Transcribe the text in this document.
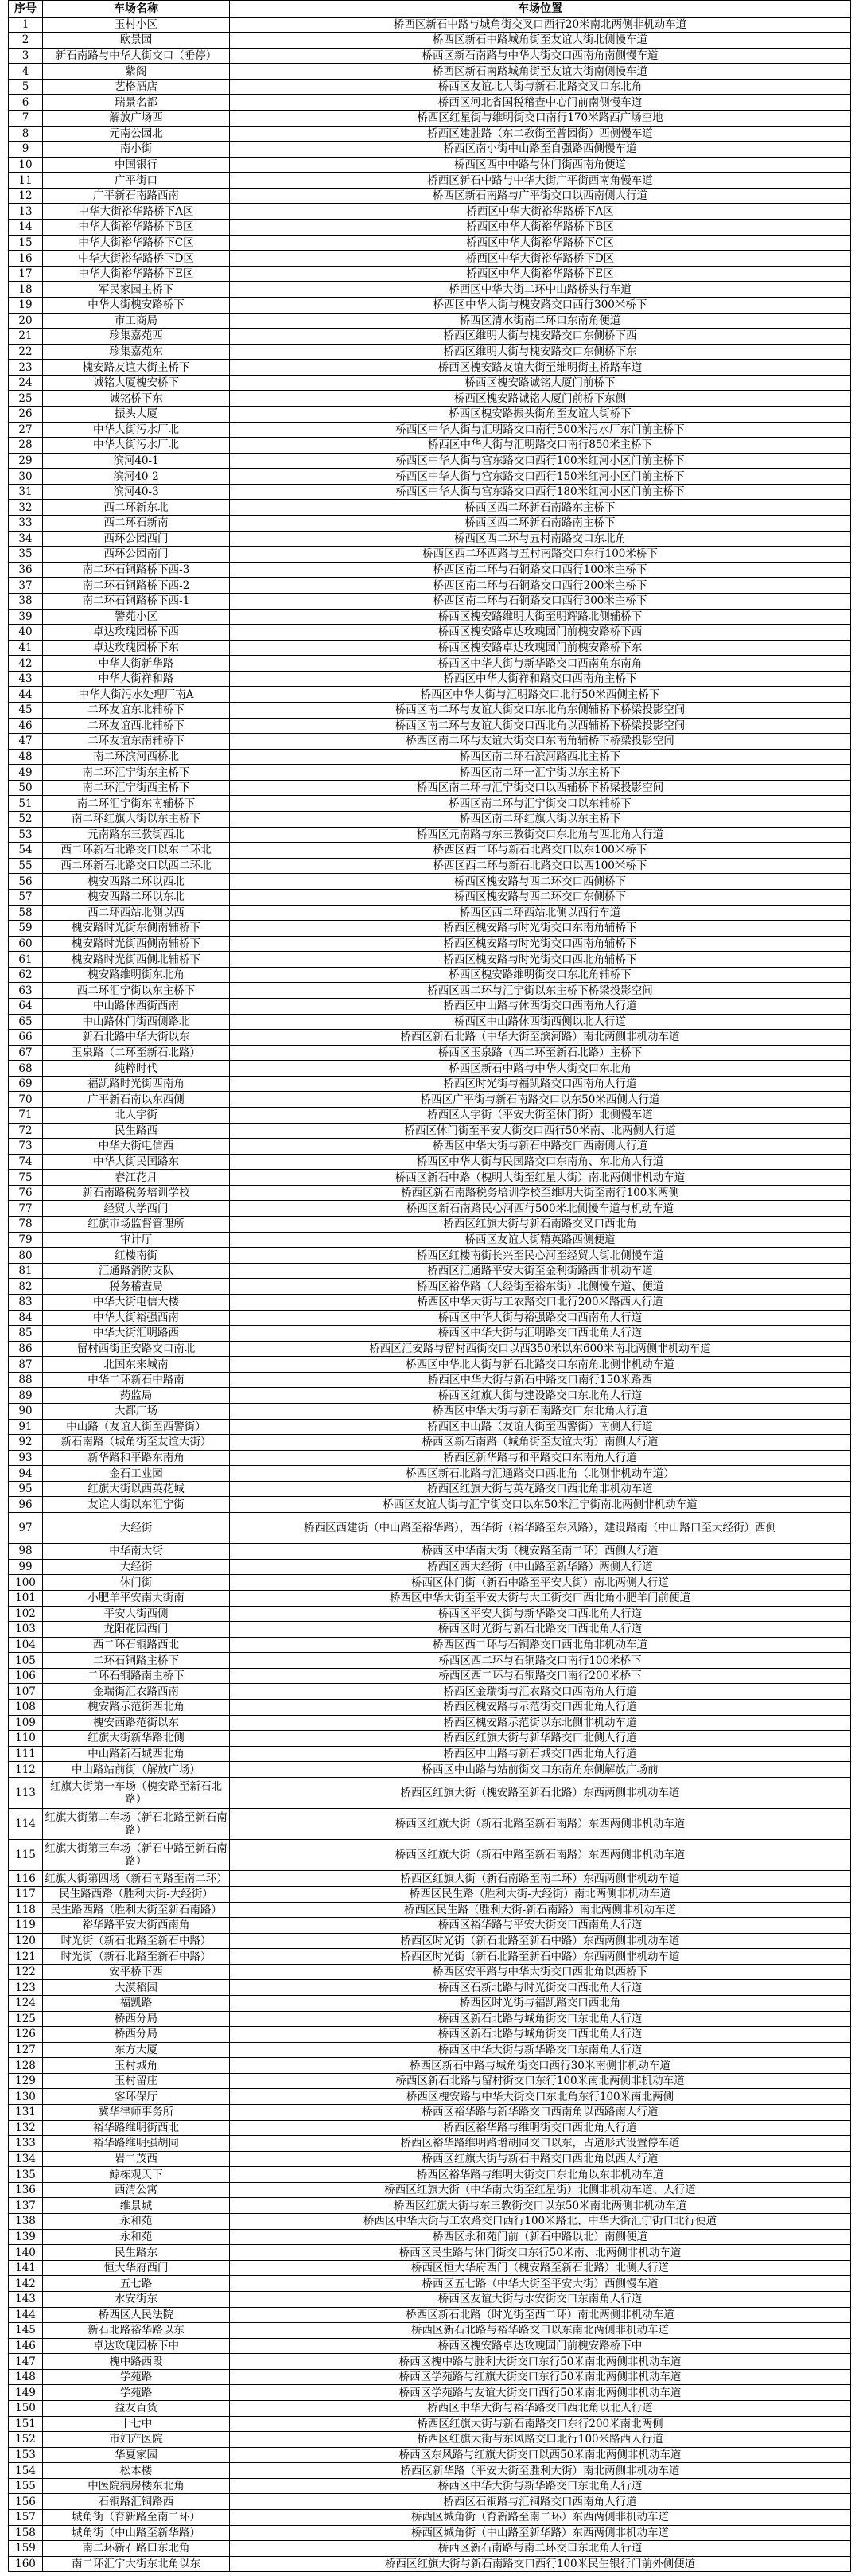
序号	车场名称	车场位置
1	玉村小区	桥西区新石中路与城角街交叉口西行20米南北两侧非机动车道
2	欧景园	桥西区新石中路城角街至友谊大街北侧慢车道
3	新石南路与中华大街交口（垂停）	桥西区新石南路与中华大街交口西南角南侧慢车道
4	紫阁	桥西区新石南路城角街至友谊大街南侧慢车道
5	艺格酒店	桥西区友谊北大街与新石北路交叉口东北角
6	瑞景名都	桥西区河北省国税稽查中心门前南侧慢车道
7	解放广场西	桥西区红星街与维明街交口南行170米路西广场空地
8	元南公园北	桥西区建胜路（东二教街至普园街）西侧慢车道
9	南小街	桥西区南小街中山路至自强路西侧慢车道
10	中国银行	桥西区西中中路与休门街西南角便道
11	广平街口	桥西区新石中路与中华大街广平街西南角慢车道
12	广平新石南路西南	桥西区新石南路与广平街交口以西南侧人行道
13	中华大街裕华路桥下A区	桥西区中华大街裕华路桥下A区
14	中华大街裕华路桥下B区	桥西区中华大街裕华路桥下B区
15	中华大街裕华路桥下C区	桥西区中华大街裕华路桥下C区
16	中华大街裕华路桥下D区	桥西区中华大街裕华路桥下D区
17	中华大街裕华路桥下E区	桥西区中华大街裕华路桥下E区
18	军民家园主桥下	桥西区中华大街二环中山路桥头行车道
19	中华大街槐安路桥下	桥西区中华大街与槐安路交口西行300米桥下
20	市工商局	桥西区清水街南二环口东南角便道
21	珍集嘉苑西	桥西区维明大街与槐安路交口东侧桥下西
22	珍集嘉苑东	桥西区维明大街与槐安路交口东侧桥下东
23	槐安路友谊大街主桥下	桥西区槐安路友谊大街至维明街主桥路车道
24	诚铭大厦槐安桥下	桥西区槐安路诚铭大厦门前桥下
25	诚铭桥下东	桥西区槐安路诚铭大厦门前桥下东侧
26	振头大厦	桥西区槐安路振头街角至友谊大街桥下
27	中华大街污水厂北	桥西区中华大街与汇明路交口南行500米污水厂东门前主桥下
28	中华大街污水厂北	桥西区中华大街与汇明路交口南行850米主桥下
29	滨河40-1	桥西区中华大街与宫东路交口西行100米红河小区门前主桥下
30	滨河40-2	桥西区中华大街与宫东路交口西行150米红河小区门前主桥下
31	滨河40-3	桥西区中华大街与宫东路交口西行180米红河小区门前主桥下
32	西二环新东北	桥西区西二环新石南路东主桥下
33	西二环石新南	桥西区西二环新石南路南主桥下
34	西环公园西门	桥西区西二环与五村南路交口东北角
35	西环公园南门	桥西区西二环西路与五村南路交口东行100米桥下
36	南二环石铜路桥下西-3	桥西区南二环与石铜路交口西行100米主桥下
37	南二环石铜路桥下西-2	桥西区南二环与石铜路交口西行200米主桥下
38	南二环石铜路桥下西-1	桥西区南二环与石铜路交口西行300米主桥下
39	警苑小区	桥西区槐安路维明大街至明辉路北侧辅桥下
40	卓达玫瑰园桥下西	桥西区槐安路卓达玫瑰园门前槐安路桥下西
41	卓达玫瑰园桥下东	桥西区槐安路卓达玫瑰园门前槐安路桥下东
42	中华大街新华路	桥西区中华大街与新华路交口西南角东南角
43	中华大街祥和路	桥西区中华大街祥和路交口西南角主桥下
44	中华大街污水处理厂南A	桥西区中华大街与汇明路交口北行50米西侧主桥下
45	二环友谊东北辅桥下	桥西区南二环与友谊大街交口东北角东侧辅桥下桥梁投影空间
46	二环友谊西北辅桥下	桥西区南二环与友谊大街交口西北角以西辅桥下桥梁投影空间
47	二环友谊东南辅桥下	桥西区南二环与友谊大街交口东南角辅桥下桥梁投影空间
48	南二环滨河西桥北	桥西区南二环石滨河路西北主桥下
49	南二环汇宁街东主桥下	桥西区南二环一汇宁街以东主桥下
50	南二环汇宁街西主桥下	桥西区南二环与汇宁街交口以西辅桥下桥梁投影空间
51	南二环汇宁街东南辅桥下	桥西区南二环与汇宁街交口以东辅桥下
52	南二环红旗大街以东主桥下	桥西区南二环红旗大街以东主桥下
53	元南路东三教街西北	桥西区元南路与东三教街交口东北角与西北角人行道
54	西二环新石北路交口以东二环北	桥西区西二环与新石北路交口以东100米桥下
55	西二环新石北路交口以西二环北	桥西区西二环与新石北路交口以西100米桥下
56	槐安西路二环以西北	桥西区槐安路与西二环交口西侧桥下
57	槐安西路二环以东北	桥西区槐安路与西二环交口东侧桥下
58	西二环西站北侧以西	桥西区西二环西站北侧以西行车道
59	槐安路时光街东侧南辅桥下	桥西区槐安路与时光街交口东南角辅桥下
60	槐安路时光街西侧南辅桥下	桥西区槐安路与时光街交口西南角辅桥下
61	槐安路时光街西侧北辅桥下	桥西区槐安路与时光街交口西北角辅桥下
62	槐安路维明街东北角	桥西区槐安路维明街交口东北角辅桥下
63	西二环汇宁街以东主桥下	桥西区西二环与汇宁街以东主桥下桥梁投影空间
64	中山路休西街西南	桥西区中山路与休西街交口西南角人行道
65	中山路休门街西侧路北	桥西区中山路休西街西侧以北人行道
66	新石北路中华大街以东	桥西区新石北路（中华大街至滨河路）南北两侧非机动车道
67	玉泉路（二环至新石北路）	桥西区玉泉路（西二环至新石北路）主桥下
68	纯粹时代	桥西区新石中路与中华大街交口东北角
69	福凯路时光街西南角	桥西区时光街与福凯路交口西南角人行道
70	广平新石南以东西侧	桥西区广平街与新石南路交口以东50米西侧人行道
71	北人字街	桥西区人字街（平安大街至休门街）北侧慢车道
72	民生路西	桥西区休门街至平安大街交口西行50米南、北两侧人行道
73	中华大街电信西	桥西区中华大街与新石中路交口西南侧人行道
74	中华大街民国路东	桥西区中华大街与民国路交口东南角、东北角人行道
75	春江花月	桥西区新石中路（槐明大街至红星大街）南北两侧非机动车道
76	新石南路税务培训学校	桥西区新石南路税务培训学校至维明大街至南行100米两侧
77	经贸大学西门	桥西区新石南路民心河西行500米北侧慢车道与机动车道
78	红旗市场监督管理所	桥西区红旗大街与新石南路交叉口西北角
79	审计厅	桥西区友谊大街精英路西侧便道
80	红楼南街	桥西区红楼南街长兴至民心河至经贸大街北侧慢车道
81	汇通路消防支队	桥西区汇通路平安大街至金利街路西非机动车道
82	税务稽查局	桥西区裕华路（大经街至裕东街）北侧慢车道、便道
83	中华大街电信大楼	桥西区中华大街与工农路交口北行200米路西人行道
84	中华大街裕强西南	桥西区中华大街与裕强路交口西南角人行道
85	中华大街汇明路西	桥西区中华大街与汇明路交口西北角人行道
86	留村西街正安路交口南北	桥西区汇安路与留村西街交口以西350米以东600米南北两侧非机动车道
87	北国东来城南	桥西区中华北大街与新石北路交口东南角北侧非机动车道
88	中华二环新石中路南	桥西区中华大街与新石中路交口南行150米路西
89	药监局	桥西区红旗大街与建设路交口东北角人行道
90	大都广场	桥西区中华大街与新石南路交口东北角人行道
91	中山路（友谊大街至西警街）	桥西区中山路（友谊大街至西警街）南侧人行道
92	新石南路（城角街至友谊大街）	桥西区新石南路（城角街至友谊大街）南侧人行道
93	新华路和平路东南角	桥西区新华路与和平路交口东南角人行道
94	金石工业园	桥西区新石北路与汇通路交口西北角（北侧非机动车道）
95	红旗大街以西英花城	桥西区红旗大街与英花路交口西北角非机动车道
96	友谊大街以东汇宁街	桥西区友谊大街与汇宁街交口以东50米汇宁街南北两侧非机动车道
97	大经街	桥西区西建街（中山路至裕华路），西华街（裕华路至东风路），建设路南（中山路口至大经街）西侧
98	中华南大街	桥西区中华南大街（槐安路至南二环）西侧人行道
99	大经街	桥西区西大经街（中山路至新华路）两侧人行道
100	休门街	桥西区休门街（新石中路至平安大街）南北两侧人行道
101	小肥羊平安南大街南	桥西区中华大街至平安大街与大工街交口西北角小肥羊门前便道
102	平安大街西侧	桥西区平安大街与新华路交口西北角人行道
103	龙阳花园西门	桥西区时光街与新石北路交口西北角人行道
104	西二环石铜路西北	桥西区西二环与石铜路交口西北角非机动车道
105	二环石铜路主桥下	桥西区西二环与石铜路交口南行100米桥下
106	二环石铜路南主桥下	桥西区西二环与石铜路交口南行200米桥下
107	金瑞街汇农路西南	桥西区金瑞街与汇农路交口西南角人行道
108	槐安路示范街西北角	桥西区槐安路与示范街交口西北角人行道
109	槐安西路范街以东	桥西区槐安路示范街以东北侧非机动车道
110	红旗大街新华路北侧	桥西区红旗大街与新华路交口北侧人行道
111	中山路新石城西北角	桥西区中山路与新石城交口西北角人行道
112	中山路站前街（解放广场）	桥西区中山路与站前街交口东南角东侧解放广场前
113	红旗大街第一车场（槐安路至新石北路）	桥西区红旗大街（槐安路至新石北路）东西两侧非机动车道
114 红旗大街第二车场（新石北路至新石南路）	桥西区红旗大街（新石北路至新石南路）东西两侧非机动车道
115 红旗大街第三车场（新石中路至新石南路）	桥西区红旗大街（新石中路至新石南路）东西两侧非机动车道
116 红旗大街第四场（新石南路至南二环）	桥西区红旗大街（新石南路至南二环）东西两侧非机动车道
117	民生路西路（胜利大街-大经街）	桥西区民生路（胜利大街-大经街）南北两侧非机动车道
118	民生路西路（胜利大街至新石南路）	桥西区民生路（胜利大街-新石南路）南北两侧非机动车道
119	裕华路平安大街西南角	桥西区裕华路与平安大街交口西南角人行道
120	时光街（新石北路至新石中路）	桥西区时光街（新石北路至新石中路）东西两侧非机动车道
121	时光街（新石北路至新石中路）	桥西区时光街（新石北路至新石中路）东西两侧非机动车道
122	安平桥下西	桥西区安平路与中华大街交口西北角以西桥下
123	大漠稻园	桥西区石新北路与时光街交口西北角人行道
124	福凯路	桥西区时光街与福凯路交口西北角
125	桥西分局	桥西区新石北路与城角街交口东北角人行道
126	桥西分局	桥西区新石北路与城角街交口西北角人行道
127	东方大厦	桥西区中华大街与新华路交口东南角人行道
128	玉村城角	桥西区新石中路与城角街交口西行30米南侧非机动车道
129	玉村留庄	桥西区新石北路与留村街交口东行100米南北两侧非机动车道
130	客环保厅	桥西区槐安路与中华大街交口东北角东行100米南北两侧
131	冀华律师事务所	桥西区裕华路与新华路交口西南角以西路南人行道
132	裕华路维明街西北	桥西区裕华路与维明街交口西北角人行道
133	裕华路维明强胡同	桥西区裕华路维明路增胡同交口以东，占道形式设置停车道
134	岩二茂西	桥西区红旗大街与新石中路交口西北角以西人行道
135	鲸栋观天下	桥西区裕华路与维明大街交口东北角以东非机动车道
136	西清公寓	桥西区红旗大街（中华南大街至红星街）北侧非机动车道、人行道
137	维景城	桥西区红旗大街与东三教街交口以东50米南北两侧非机动车道
138	永和苑	桥西区中华大街与工农路交口西行100米路北、中华大街汇宁街口北行便道
139	永和苑	桥西区永和苑门前（新石中路以北）南侧便道
140	民生路东	桥西区民生路与休门街交口东行50米南、北两侧非机动车道
141	恒大华府西门	桥西区恒大华府西门（槐安路至新石北路）北侧人行道
142	五七路	桥西区五七路（中华大街至平安大街）西侧慢车道
143	水安街东	桥西区友谊大街与水安街交口东南角人行道
144	桥西区人民法院	桥西区新石北路（时光街至西二环）南北两侧非机动车道
145	新石北路裕华路以东	桥西区新石北路与裕华路交口以东南北两侧非机动车道
146	卓达玫瑰园桥下中	桥西区槐安路卓达玫瑰园门前槐安路桥下中
147	槐中路西段	桥西区槐中路与胜利大街交口东行50米南北两侧非机动车道
148	学苑路	桥西区学苑路与红旗大街交口东行50米南北两侧非机动车道
149	学苑路	桥西区学苑路与友谊大街交口西行50米南北两侧非机动车道
150	益友百货	桥西区中华大街与裕华路交口西北角以北人行道
151	十七中	桥西区红旗大街与新石南路交口东行200米南北两侧
152	市妇产医院	桥西区红旗大街与东风路交口北行100米路西人行道
153	华夏家园	桥西区东风路与红旗大街交口以西50米南北两侧非机动车道
154	松本楼	桥西区新华路（平安大街至胜利大街）南北两侧非机动车道
155	中医院病房楼东北角	桥西区中华大街与新华路交口东北角人行道
156	石铜路汇铜路西	桥西区石铜路与汇铜路交口西南角人行道
157	城角街（育新路至南二环）	桥西区城角街（育新路至南二环）东西两侧非机动车道
158	城角街（中山路至新华路）	桥西区城角街（中山路至新华路）东西两侧非机动车道
159	南二环新石路口东北角	桥西区新石南路与南二环交口东北角人行道
160	南二环汇宁大街东北角以东	桥西区红旗大街与新石南路交口西行100米民生银行门前外侧便道
